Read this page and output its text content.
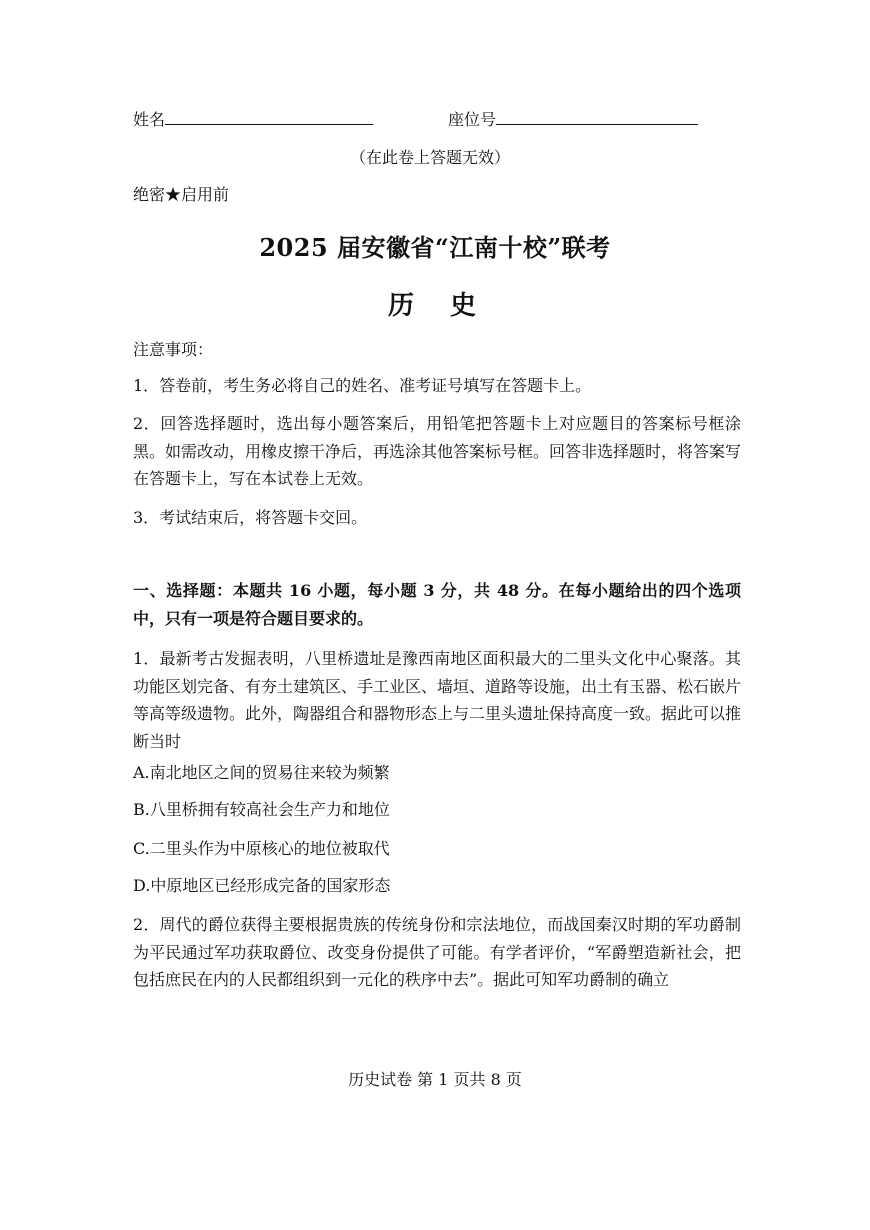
姓名	座位号
（在此卷上答题无效）
绝密★启用前
2025 届安徽省“江南十校”联考
历  史
注意事项：
1．答卷前，考生务必将自己的姓名、准考证号填写在答题卡上。
2．回答选择题时，选出每小题答案后，用铅笔把答题卡上对应题目的答案标号框涂黑。如需改动，用橡皮擦干净后，再选涂其他答案标号框。回答非选择题时，将答案写在答题卡上，写在本试卷上无效。
3．考试结束后，将答题卡交回。
一、选择题：本题共 16 小题，每小题 3 分，共 48 分。在每小题给出的四个选项中，只有一项是符合题目要求的。
1．最新考古发掘表明，八里桥遗址是豫西南地区面积最大的二里头文化中心聚落。其功能区划完备、有夯土建筑区、手工业区、墙垣、道路等设施，出土有玉器、松石嵌片等高等级遗物。此外，陶器组合和器物形态上与二里头遗址保持高度一致。据此可以推断当时
A.南北地区之间的贸易往来较为频繁
B.八里桥拥有较高社会生产力和地位
C.二里头作为中原核心的地位被取代
D.中原地区已经形成完备的国家形态
2．周代的爵位获得主要根据贵族的传统身份和宗法地位，而战国秦汉时期的军功爵制为平民通过军功获取爵位、改变身份提供了可能。有学者评价，“军爵塑造新社会，把包括庶民在内的人民都组织到一元化的秩序中去”。据此可知军功爵制的确立
历史试卷 第 1 页共 8 页
